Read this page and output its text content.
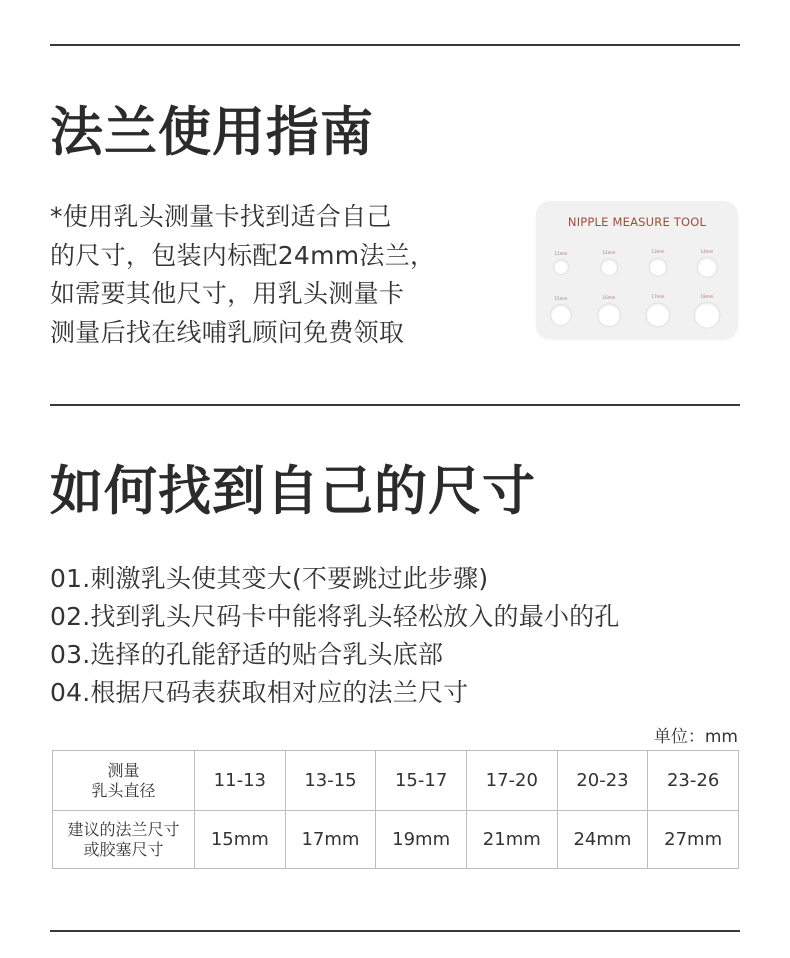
法兰使用指南
*使用乳头测量卡找到适合自己
的尺寸，包装内标配24mm法兰，
如需要其他尺寸，用乳头测量卡
测量后找在线哺乳顾问免费领取
NIPPLE MEASURE TOOL
11mm	12mm	13mm	14mm
15mm	16mm	17mm	18mm
如何找到自己的尺寸
01.刺激乳头使其变大(不要跳过此步骤)
02.找到乳头尺码卡中能将乳头轻松放入的最小的孔
03.选择的孔能舒适的贴合乳头底部
04.根据尺码表获取相对应的法兰尺寸
单位：mm
测量
乳头直径	11-13	13-15	15-17	17-20	20-23	23-26

建议的法兰尺寸
或胶塞尺寸	15mm	17mm	19mm	21mm	24mm	27mm
